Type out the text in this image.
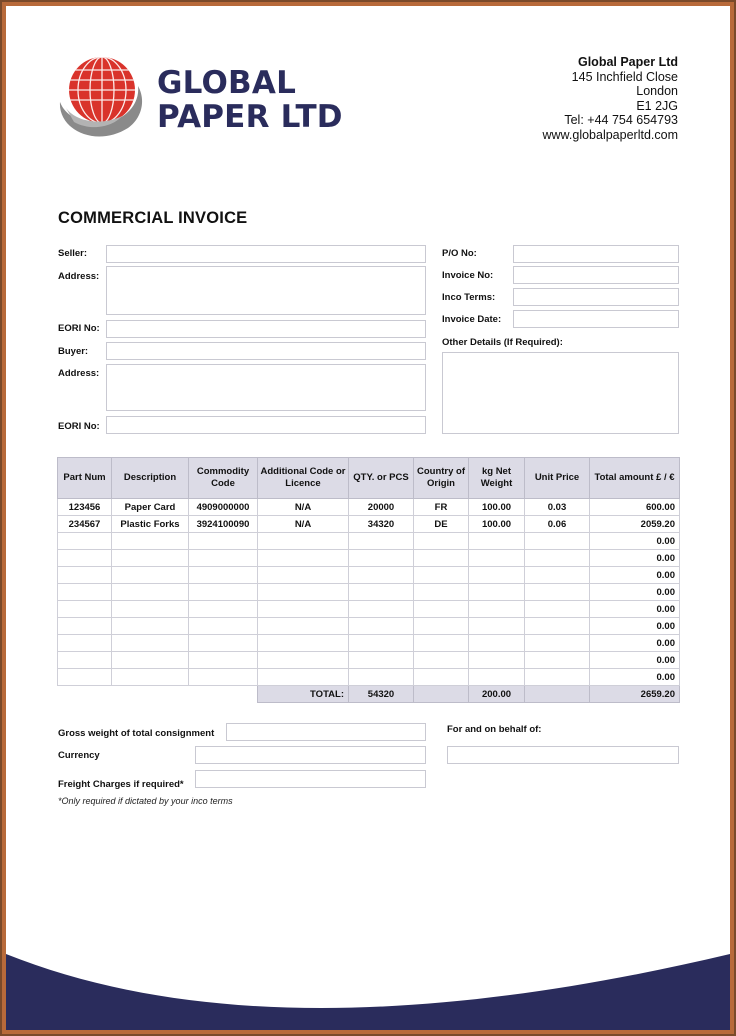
GLOBAL
PAPER LTD
Global Paper Ltd
145 Inchfield Close
London
E1 2JG
Tel: +44 754 654793
www.globalpaperltd.com
COMMERCIAL INVOICE
Seller:
Address:
EORI No:
Buyer:
Address:
EORI No:
P/O No:
Invoice No:
Inco Terms:
Invoice Date:
Other Details (If Required):
Part Num	Description	Commodity Code	Additional Code or Licence	QTY. or PCS	Country of Origin	kg Net Weight	Unit Price	Total amount £ / €
123456	Paper Card	4909000000	N/A	20000	FR	100.00	0.03	600.00
234567	Plastic Forks	3924100090	N/A	34320	DE	100.00	0.06	2059.20
								0.00
								0.00
								0.00
								0.00
								0.00
								0.00
								0.00
								0.00
								0.00
			TOTAL:	54320		200.00		2659.20
Gross weight of total consignment
Currency
Freight Charges if required*
*Only required if dictated by your inco terms
For and on behalf of:
